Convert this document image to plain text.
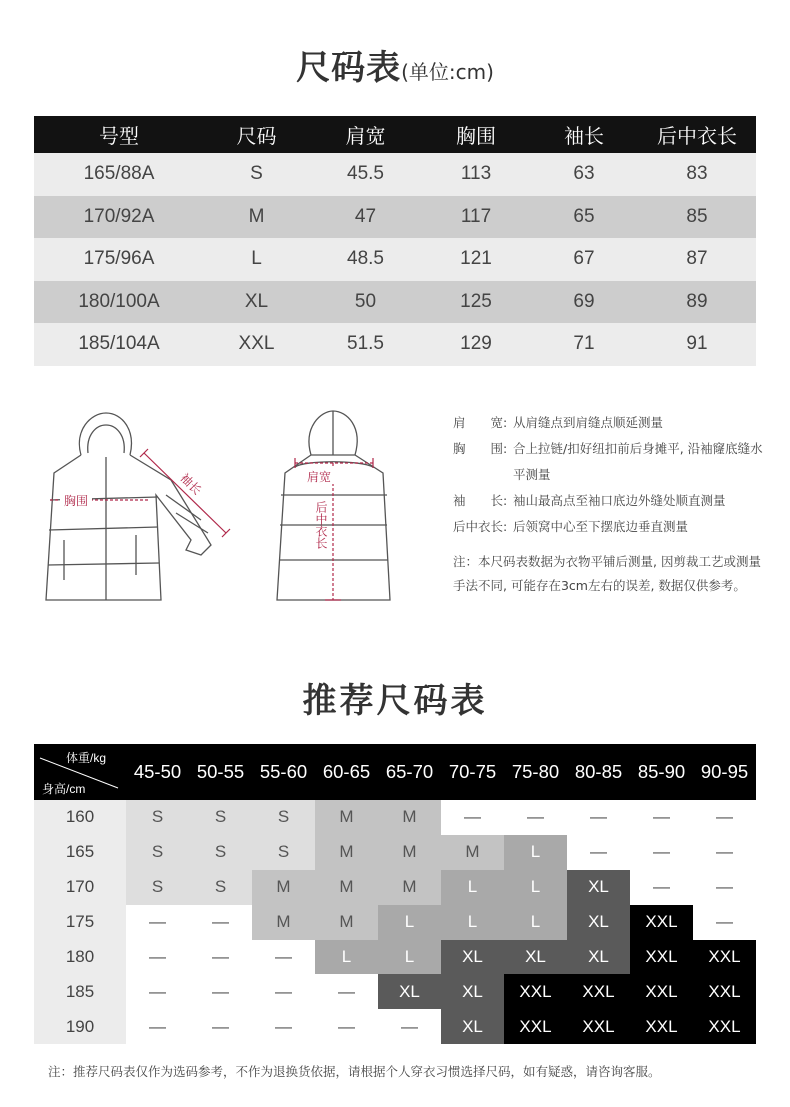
尺码表(单位:cm)
号型	尺码	肩宽	胸围	袖长	后中衣长
165/88A	S	45.5	113	63	83
170/92A	M	47	117	65	85
175/96A	L	48.5	121	67	87
180/100A	XL	50	125	69	89
185/104A	XXL	51.5	129	71	91
胸围
袖长	肩宽
后中衣长
肩　　宽: 从肩缝点到肩缝点顺延测量
胸　　围: 合上拉链/扣好纽扣前后身摊平, 沿袖窿底缝水平测量
袖　　长: 袖山最高点至袖口底边外缝处顺直测量
后中衣长: 后领窝中心至下摆底边垂直测量
注：本尺码表数据为衣物平铺后测量, 因剪裁工艺或测量手法不同, 可能存在3cm左右的误差, 数据仅供参考。
推荐尺码表
体重/kg
身高/cm	45-50	50-55	55-60	60-65	65-70	70-75	75-80	80-85	85-90	90-95
160	S	S	S	M	M	—	—	—	—	—
165	S	S	S	M	M	M	L	—	—	—
170	S	S	M	M	M	L	L	XL	—	—
175	—	—	M	M	L	L	L	XL	XXL	—
180	—	—	—	L	L	XL	XL	XL	XXL	XXL
185	—	—	—	—	XL	XL	XXL	XXL	XXL	XXL
190	—	—	—	—	—	XL	XXL	XXL	XXL	XXL
注：推荐尺码表仅作为选码参考，不作为退换货依据，请根据个人穿衣习惯选择尺码，如有疑惑，请咨询客服。
